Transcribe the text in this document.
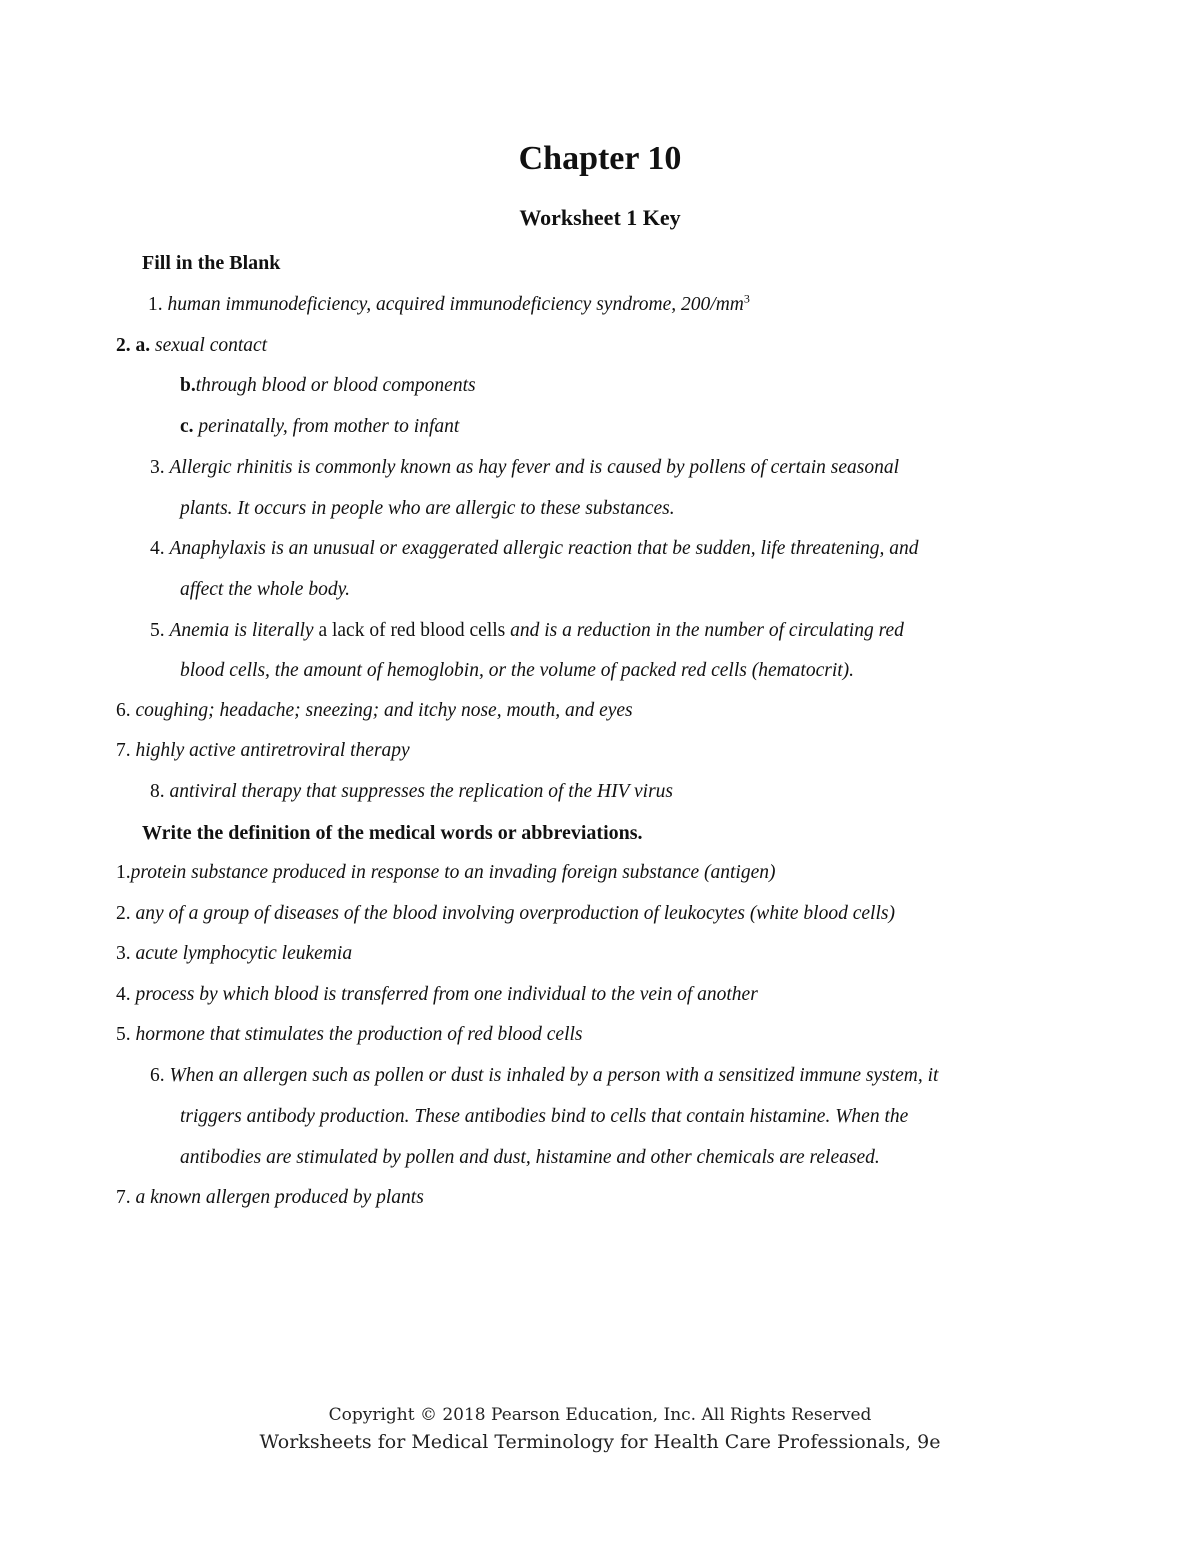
Chapter 10
Worksheet 1 Key
Fill in the Blank
1. human immunodeficiency, acquired immunodeficiency syndrome, $200/mm^3$
2. a. sexual contact
b.through blood or blood components
c. perinatally, from mother to infant
3. Allergic rhinitis is commonly known as hay fever and is caused by pollens of certain seasonal
plants. It occurs in people who are allergic to these substances.
4. Anaphylaxis is an unusual or exaggerated allergic reaction that be sudden, life threatening, and
affect the whole body.
5. Anemia is literally a lack of red blood cells and is a reduction in the number of circulating red
blood cells, the amount of hemoglobin, or the volume of packed red cells (hematocrit).
6. coughing; headache; sneezing; and itchy nose, mouth, and eyes
7. highly active antiretroviral therapy
8. antiviral therapy that suppresses the replication of the HIV virus
Write the definition of the medical words or abbreviations.
1.protein substance produced in response to an invading foreign substance (antigen)
2. any of a group of diseases of the blood involving overproduction of leukocytes (white blood cells)
3. acute lymphocytic leukemia
4. process by which blood is transferred from one individual to the vein of another
5. hormone that stimulates the production of red blood cells
6. When an allergen such as pollen or dust is inhaled by a person with a sensitized immune system, it
triggers antibody production. These antibodies bind to cells that contain histamine. When the
antibodies are stimulated by pollen and dust, histamine and other chemicals are released.
7. a known allergen produced by plants
Copyright © 2018 Pearson Education, Inc. All Rights Reserved
Worksheets for Medical Terminology for Health Care Professionals, 9e
